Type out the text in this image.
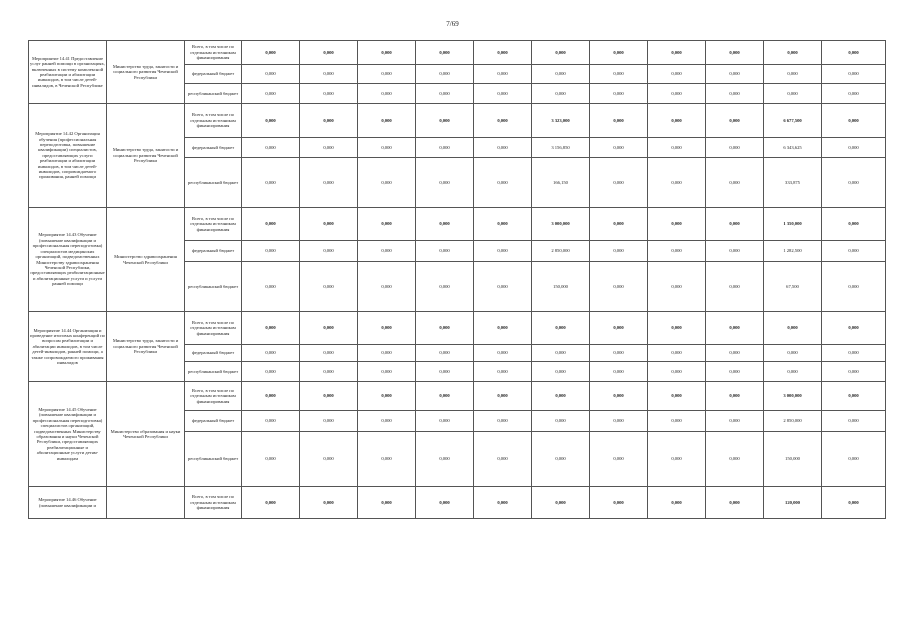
7/69
Мероприятие 14.41 Предоставление услуг ранней помощи в организациях, включенных в систему комплексной реабилитации и абилитации инвалидов, в том числе детей-инвалидов, в Чеченской Республике	Министерство труда, занятости и социального развития Чеченской Республики	Всего, в том числе по отдельным источникам финансирования	0,000	0,000	0,000	0,000	0,000	0,000	0,000	0,000	0,000	0,000	0,000
		федеральный бюджет	0,000	0,000	0,000	0,000	0,000	0,000	0,000	0,000	0,000	0,000	0,000
		республиканский бюджет	0,000	0,000	0,000	0,000	0,000	0,000	0,000	0,000	0,000	0,000	0,000
Мероприятие 14.42 Организация обучения (профессиональная переподготовка, повышение квалификации) специалистов, предоставляющих услуги реабилитации и абилитации инвалидов, в том числе детей-инвалидов, сопровождаемого проживания, ранней помощи	Министерство труда, занятости и социального развития Чеченской Республики	Всего, в том числе по отдельным источникам финансирования	0,000	0,000	0,000	0,000	0,000	3 323,000	0,000	0,000	0,000	6 677,500	0,000
		федеральный бюджет	0,000	0,000	0,000	0,000	0,000	3 156,850	0,000	0,000	0,000	6 343,625	0,000
		республиканский бюджет	0,000	0,000	0,000	0,000	0,000	166,150	0,000	0,000	0,000	333,875	0,000
Мероприятие 14.43 Обучение (повышение квалификации и профессиональная переподготовка) специалистов медицинских организаций, подведомственных Министерству здравоохранения Чеченской Республики, предоставляющих реабилитационные и абилитационные услуги и услуги ранней помощи	Министерство здравоохранения Чеченской Республики	Всего, в том числе по отдельным источникам финансирования	0,000	0,000	0,000	0,000	0,000	3 000,000	0,000	0,000	0,000	1 350,000	0,000
		федеральный бюджет	0,000	0,000	0,000	0,000	0,000	2 850,000	0,000	0,000	0,000	1 282,500	0,000
		республиканский бюджет	0,000	0,000	0,000	0,000	0,000	150,000	0,000	0,000	0,000	67,500	0,000
Мероприятие 14.44 Организация и проведение итоговых конференций по вопросам реабилитации и абилитации инвалидов, в том числе детей-инвалидов, ранней помощи, а также сопровождаемого проживания инвалидов	Министерство труда, занятости и социального развития Чеченской Республики	Всего, в том числе по отдельным источникам финансирования	0,000	0,000	0,000	0,000	0,000	0,000	0,000	0,000	0,000	0,000	0,000
		федеральный бюджет	0,000	0,000	0,000	0,000	0,000	0,000	0,000	0,000	0,000	0,000	0,000
		республиканский бюджет	0,000	0,000	0,000	0,000	0,000	0,000	0,000	0,000	0,000	0,000	0,000
Мероприятие 14.45 Обучение (повышение квалификации и профессиональная переподготовка) специалистов организаций, подведомственных Министерству образования и науки Чеченской Республики, предоставляющих реабилитационные и абилитационные услуги детям-инвалидам	Министерство образования и науки Чеченской Республики	Всего, в том числе по отдельным источникам финансирования	0,000	0,000	0,000	0,000	0,000	0,000	0,000	0,000	0,000	3 000,000	0,000
		федеральный бюджет	0,000	0,000	0,000	0,000	0,000	0,000	0,000	0,000	0,000	2 850,000	0,000
		республиканский бюджет	0,000	0,000	0,000	0,000	0,000	0,000	0,000	0,000	0,000	150,000	0,000
Мероприятие 14.46 Обучение (повышение квалификации и		Всего, в том числе по отдельным источникам финансирования	0,000	0,000	0,000	0,000	0,000	0,000	0,000	0,000	0,000	120,000	0,000
